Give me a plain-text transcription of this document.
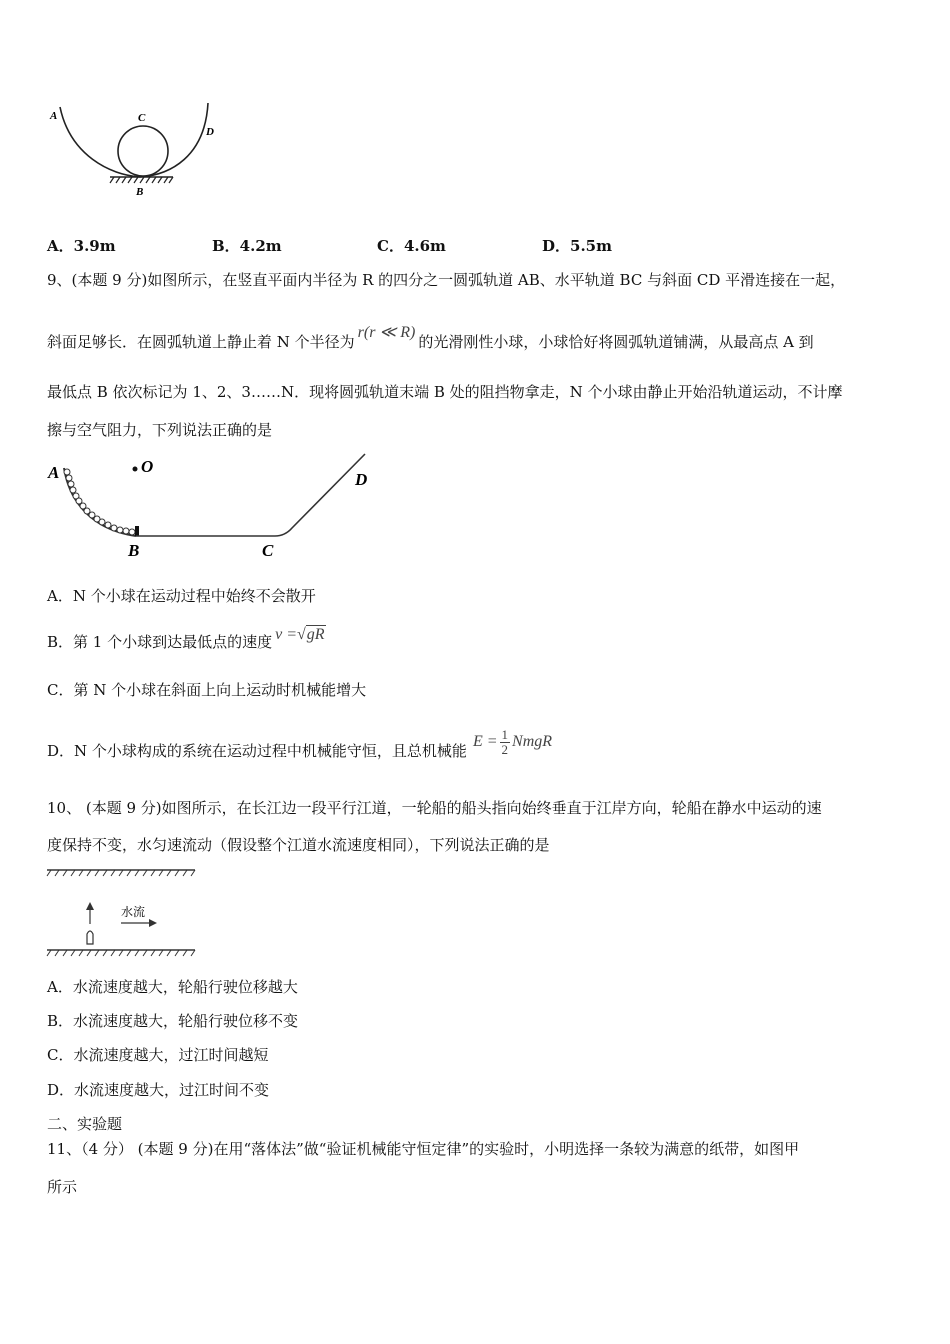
A	C
D
B
A．3.9m	B．4.2m	C．4.6m	D．5.5m
9、(本题 9 分)如图所示，在竖直平面内半径为 R 的四分之一圆弧轨道 AB、水平轨道 BC 与斜面 CD 平滑连接在一起，
斜面足够长．在圆弧轨道上静止着 N 个半径为r(r ≪ R)的光滑刚性小球，小球恰好将圆弧轨道铺满，从最高点 A 到
最低点 B 依次标记为 1、2、3……N．现将圆弧轨道末端 B 处的阻挡物拿走，N 个小球由静止开始沿轨道运动，不计摩
擦与空气阻力，下列说法正确的是
A	O
B	C
D
A．N 个小球在运动过程中始终不会散开
B．第 1 个小球到达最低点的速度 v =√gR
C．第 N 个小球在斜面上向上运动时机械能增大
D．N 个小球构成的系统在运动过程中机械能守恒，且总机械能$E = \frac{1}{2}$ NmgR
10、 (本题 9 分)如图所示，在长江边一段平行江道，一轮船的船头指向始终垂直于江岸方向，轮船在静水中运动的速
度保持不变，水匀速流动（假设整个江道水流速度相同），下列说法正确的是
水流
A．水流速度越大，轮船行驶位移越大
B．水流速度越大，轮船行驶位移不变
C．水流速度越大，过江时间越短
D．水流速度越大，过江时间不变
二、实验题
11、（4 分） (本题 9 分)在用“落体法”做“验证机械能守恒定律”的实验时，小明选择一条较为满意的纸带，如图甲
所示
